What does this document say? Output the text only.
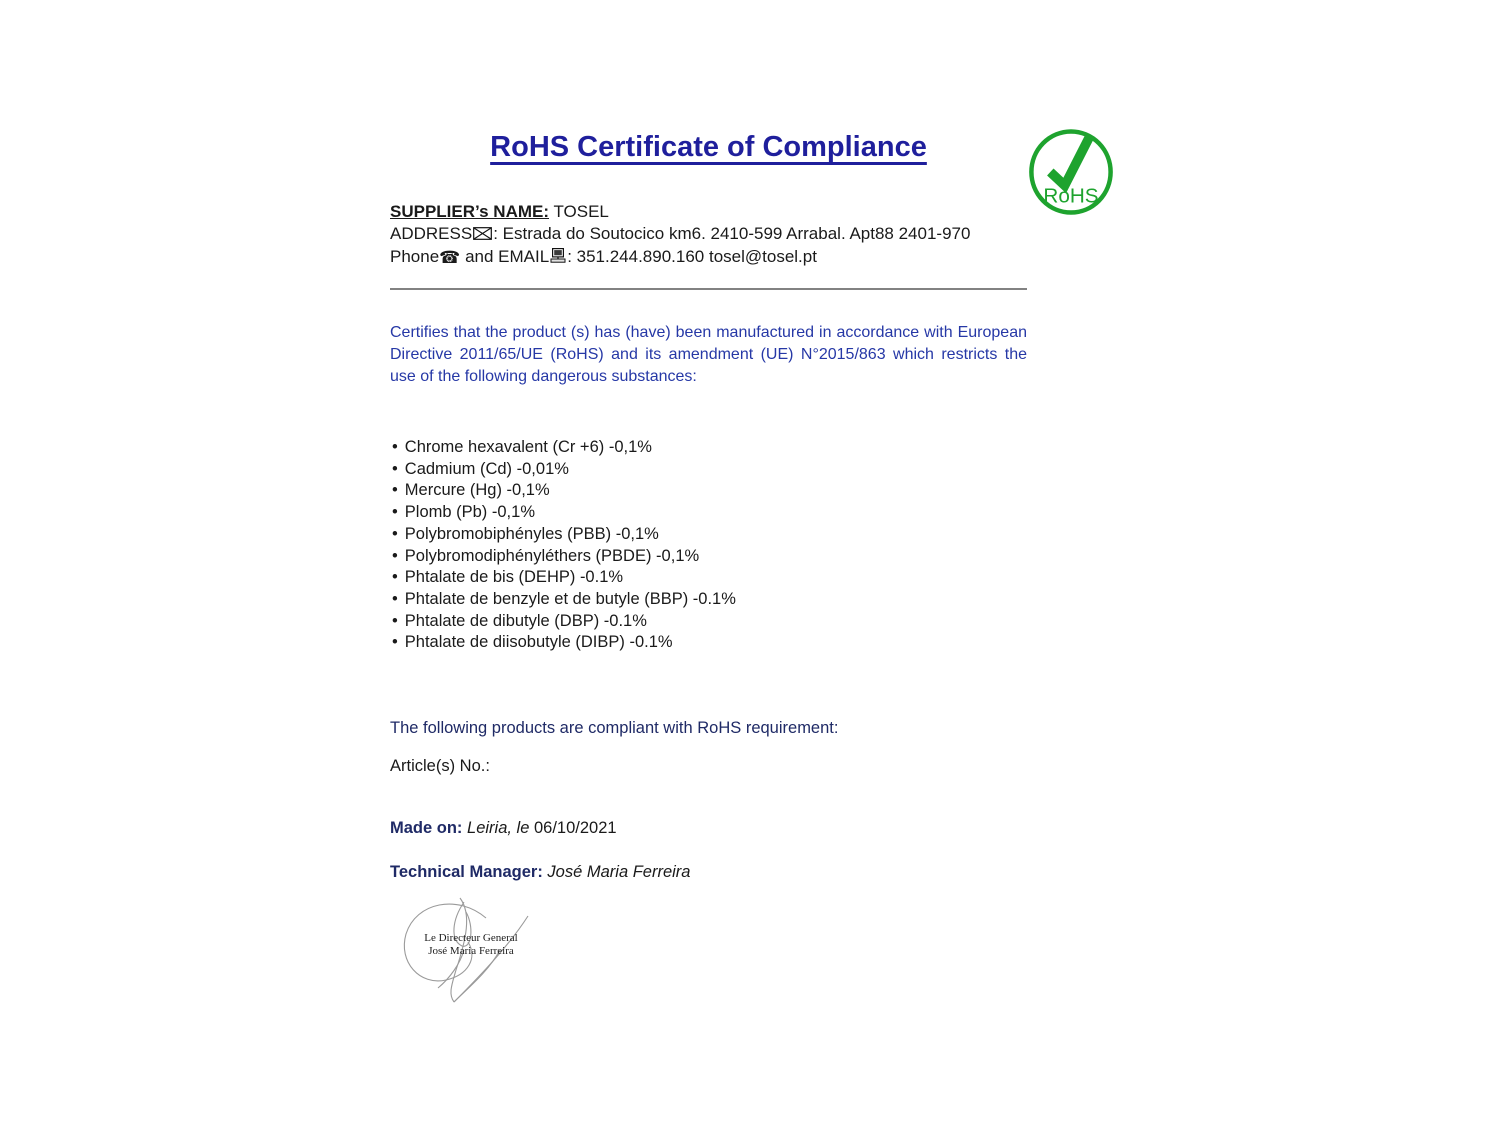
RoHS Certificate of Compliance
SUPPLIER’s NAME: TOSEL
ADDRESS : Estrada do Soutocico km6. 2410-599 Arrabal. Apt88 2401-970
Phone☎ and EMAIL : 351.244.890.160 tosel@tosel.pt

Certifies that the product (s) has (have) been manufactured in accordance with European Directive 2011/65/UE (RoHS) and its amendment (UE) N°2015/863 which restricts the use of the following dangerous substances:

• Chrome hexavalent (Cr +6) -0,1%
• Cadmium (Cd) -0,01%
• Mercure (Hg) -0,1%
• Plomb (Pb) -0,1%
• Polybromobiphényles (PBB) -0,1%
• Polybromodiphényléthers (PBDE) -0,1%
• Phtalate de bis (DEHP) -0.1%
• Phtalate de benzyle et de butyle (BBP) -0.1%
• Phtalate de dibutyle (DBP) -0.1%
• Phtalate de diisobutyle (DIBP) -0.1%

The following products are compliant with RoHS requirement:

Article(s) No.:

Made on: Leiria, le 06/10/2021

Technical Manager: José Maria Ferreira

Le Directeur General
José Maria Ferreira
RoHS
